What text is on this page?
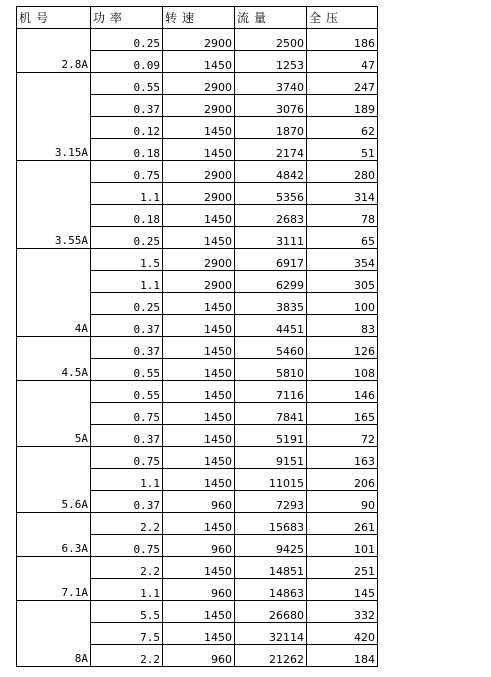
机号	功率	转速	流量	全压
2.8A	0.25	2900	2500	186
	0.09	1450	1253	47
3.15A	0.55	2900	3740	247
	0.37	2900	3076	189
	0.12	1450	1870	62
	0.18	1450	2174	51
3.55A	0.75	2900	4842	280
	1.1	2900	5356	314
	0.18	1450	2683	78
	0.25	1450	3111	65
4A	1.5	2900	6917	354
	1.1	2900	6299	305
	0.25	1450	3835	100
	0.37	1450	4451	83
4.5A	0.37	1450	5460	126
	0.55	1450	5810	108
5A	0.55	1450	7116	146
	0.75	1450	7841	165
	0.37	1450	5191	72
5.6A	0.75	1450	9151	163
	1.1	1450	11015	206
	0.37	960	7293	90
6.3A	2.2	1450	15683	261
	0.75	960	9425	101
7.1A	2.2	1450	14851	251
	1.1	960	14863	145
8A	5.5	1450	26680	332
	7.5	1450	32114	420
	2.2	960	21262	184
